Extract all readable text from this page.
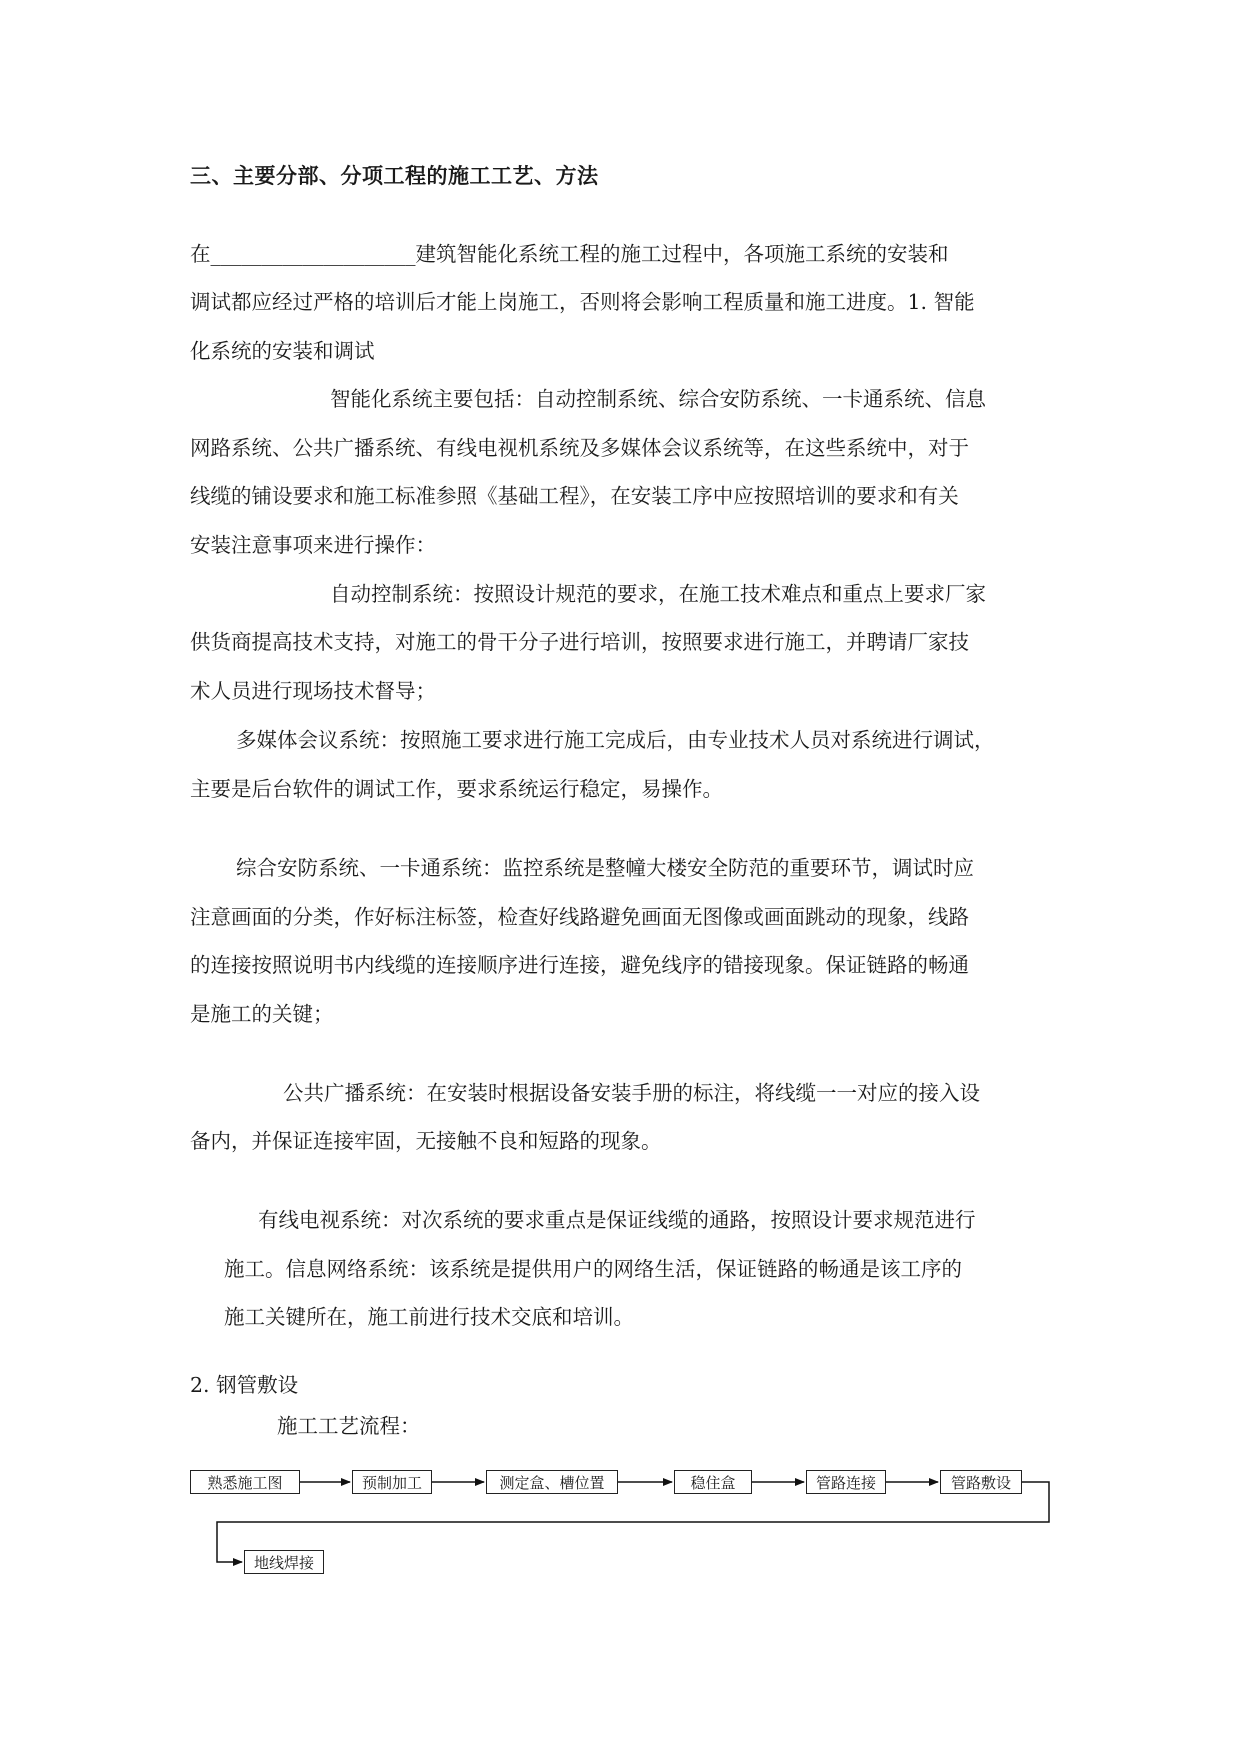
三、主要分部、分项工程的施工工艺、方法
在____________________建筑智能化系统工程的施工过程中，各项施工系统的安装和
调试都应经过严格的培训后才能上岗施工，否则将会影响工程质量和施工进度。1. 智能
化系统的安装和调试
智能化系统主要包括：自动控制系统、综合安防系统、一卡通系统、信息
网路系统、公共广播系统、有线电视机系统及多媒体会议系统等，在这些系统中，对于
线缆的铺设要求和施工标准参照《基础工程》，在安装工序中应按照培训的要求和有关
安装注意事项来进行操作：
自动控制系统：按照设计规范的要求，在施工技术难点和重点上要求厂家
供货商提高技术支持，对施工的骨干分子进行培训，按照要求进行施工，并聘请厂家技
术人员进行现场技术督导；
多媒体会议系统：按照施工要求进行施工完成后，由专业技术人员对系统进行调试，
主要是后台软件的调试工作，要求系统运行稳定，易操作。
综合安防系统、一卡通系统：监控系统是整幢大楼安全防范的重要环节，调试时应
注意画面的分类，作好标注标签，检查好线路避免画面无图像或画面跳动的现象，线路
的连接按照说明书内线缆的连接顺序进行连接，避免线序的错接现象。保证链路的畅通
是施工的关键；
公共广播系统：在安装时根据设备安装手册的标注，将线缆一一对应的接入设
备内，并保证连接牢固，无接触不良和短路的现象。
有线电视系统：对次系统的要求重点是保证线缆的通路，按照设计要求规范进行
施工。信息网络系统：该系统是提供用户的网络生活，保证链路的畅通是该工序的
施工关键所在，施工前进行技术交底和培训。
2. 钢管敷设
施工工艺流程：
熟悉施工图	预制加工	测定盒、槽位置	稳住盒	管路连接	管路敷设
地线焊接
